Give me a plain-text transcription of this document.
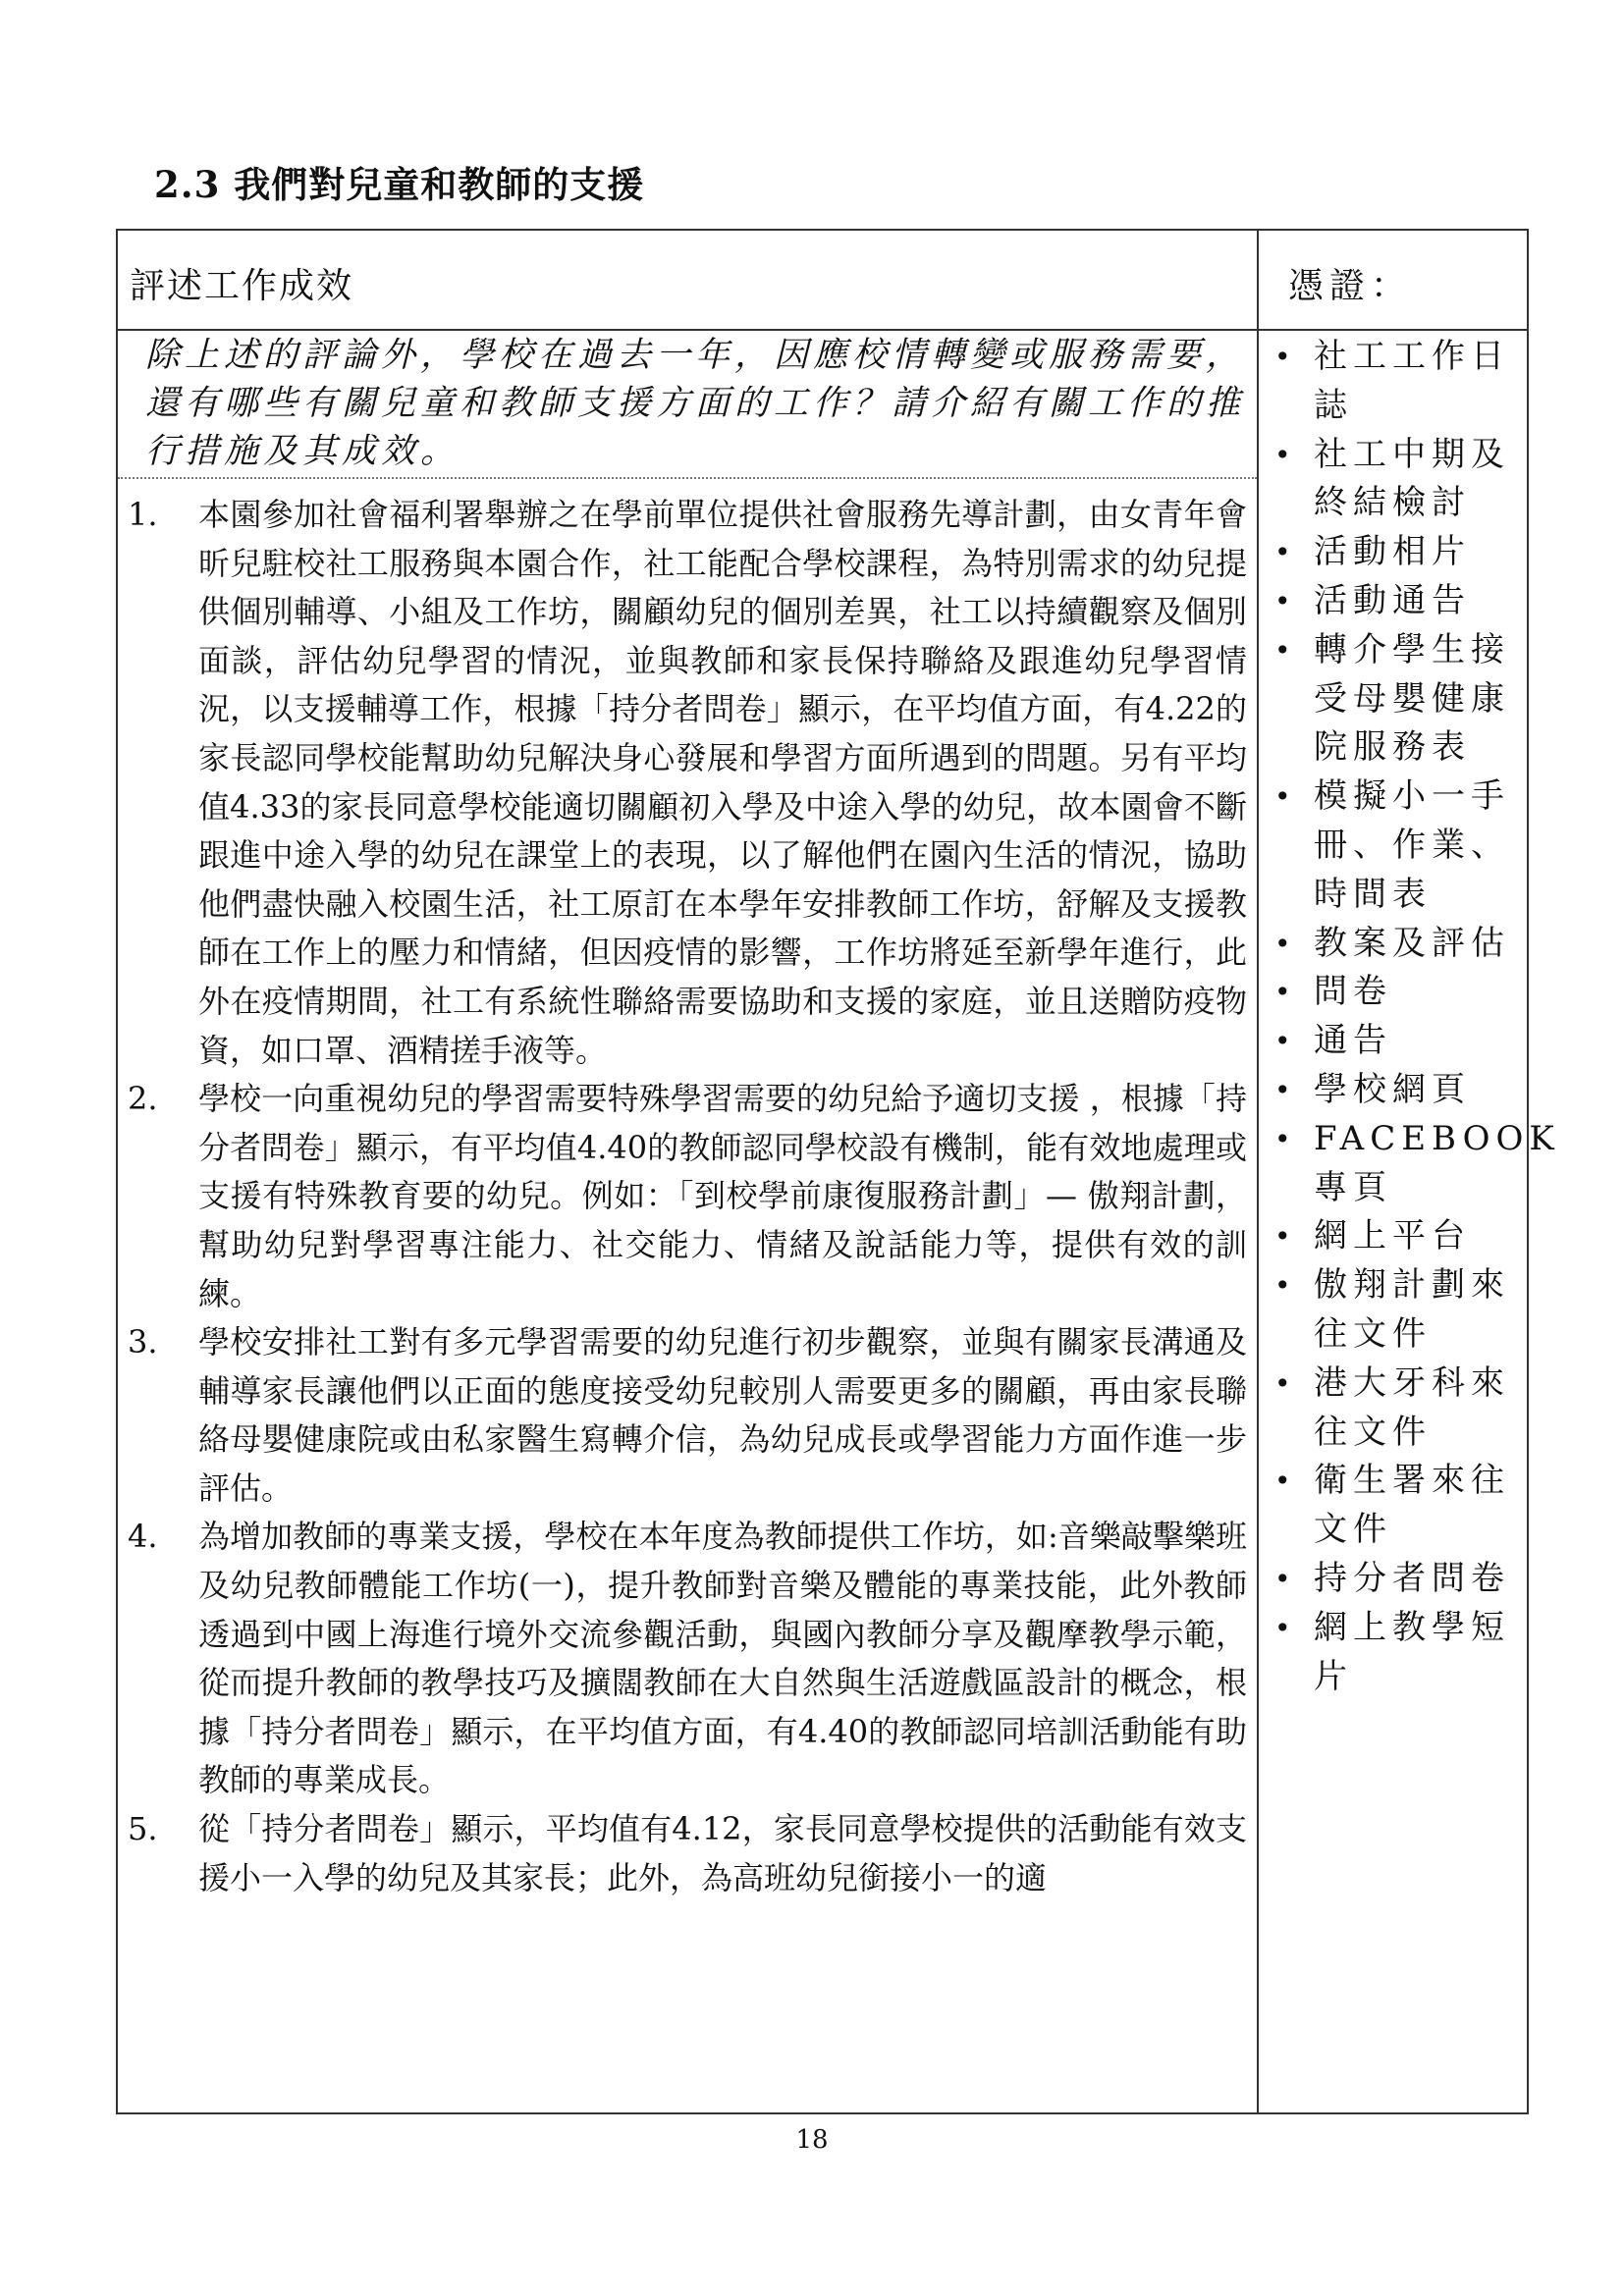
2.3 我們對兒童和教師的支援

評述工作成效	憑證：

除上述的評論外，學校在過去一年，因應校情轉變或服務需要，還有哪些有關兒童和教師支援方面的工作？請介紹有關工作的推行措施及其成效。

1. 本園參加社會福利署舉辦之在學前單位提供社會服務先導計劃，由女青年會昕兒駐校社工服務與本園合作，社工能配合學校課程，為特別需求的幼兒提供個別輔導、小組及工作坊，關顧幼兒的個別差異，社工以持續觀察及個別面談，評估幼兒學習的情況，並與教師和家長保持聯絡及跟進幼兒學習情況，以支援輔導工作，根據「持分者問卷」顯示，在平均值方面，有4.22的家長認同學校能幫助幼兒解決身心發展和學習方面所遇到的問題。另有平均值4.33的家長同意學校能適切關顧初入學及中途入學的幼兒，故本園會不斷跟進中途入學的幼兒在課堂上的表現，以了解他們在園內生活的情況，協助他們盡快融入校園生活，社工原訂在本學年安排教師工作坊，舒解及支援教師在工作上的壓力和情緒，但因疫情的影響，工作坊將延至新學年進行，此外在疫情期間，社工有系統性聯絡需要協助和支援的家庭，並且送贈防疫物資，如口罩、酒精搓手液等。
2. 學校一向重視幼兒的學習需要特殊學習需要的幼兒給予適切支援 ，根據「持分者問卷」顯示，有平均值4.40的教師認同學校設有機制，能有效地處理或支援有特殊教育要的幼兒。例如：「到校學前康復服務計劃」— 傲翔計劃，幫助幼兒對學習專注能力、社交能力、情緒及說話能力等，提供有效的訓練。
3. 學校安排社工對有多元學習需要的幼兒進行初步觀察，並與有關家長溝通及輔導家長讓他們以正面的態度接受幼兒較別人需要更多的關顧，再由家長聯絡母嬰健康院或由私家醫生寫轉介信，為幼兒成長或學習能力方面作進一步評估。
4. 為增加教師的專業支援，學校在本年度為教師提供工作坊，如:音樂敲擊樂班及幼兒教師體能工作坊(一)，提升教師對音樂及體能的專業技能，此外教師透過到中國上海進行境外交流參觀活動，與國內教師分享及觀摩教學示範，從而提升教師的教學技巧及擴闊教師在大自然與生活遊戲區設計的概念，根據「持分者問卷」顯示，在平均值方面，有4.40的教師認同培訓活動能有助教師的專業成長。
5. 從「持分者問卷」顯示，平均值有4.12，家長同意學校提供的活動能有效支援小一入學的幼兒及其家長；此外，為高班幼兒銜接小一的適
• 社工工作日誌
• 社工中期及終結檢討
• 活動相片
• 活動通告
• 轉介學生接受母嬰健康院服務表
• 模擬小一手冊、作業、時間表
• 教案及評估
• 問卷
• 通告
• 學校網頁
• FACEBOOK專頁
• 網上平台
• 傲翔計劃來往文件
• 港大牙科來往文件
• 衛生署來往文件
• 持分者問卷
• 網上教學短片

18
